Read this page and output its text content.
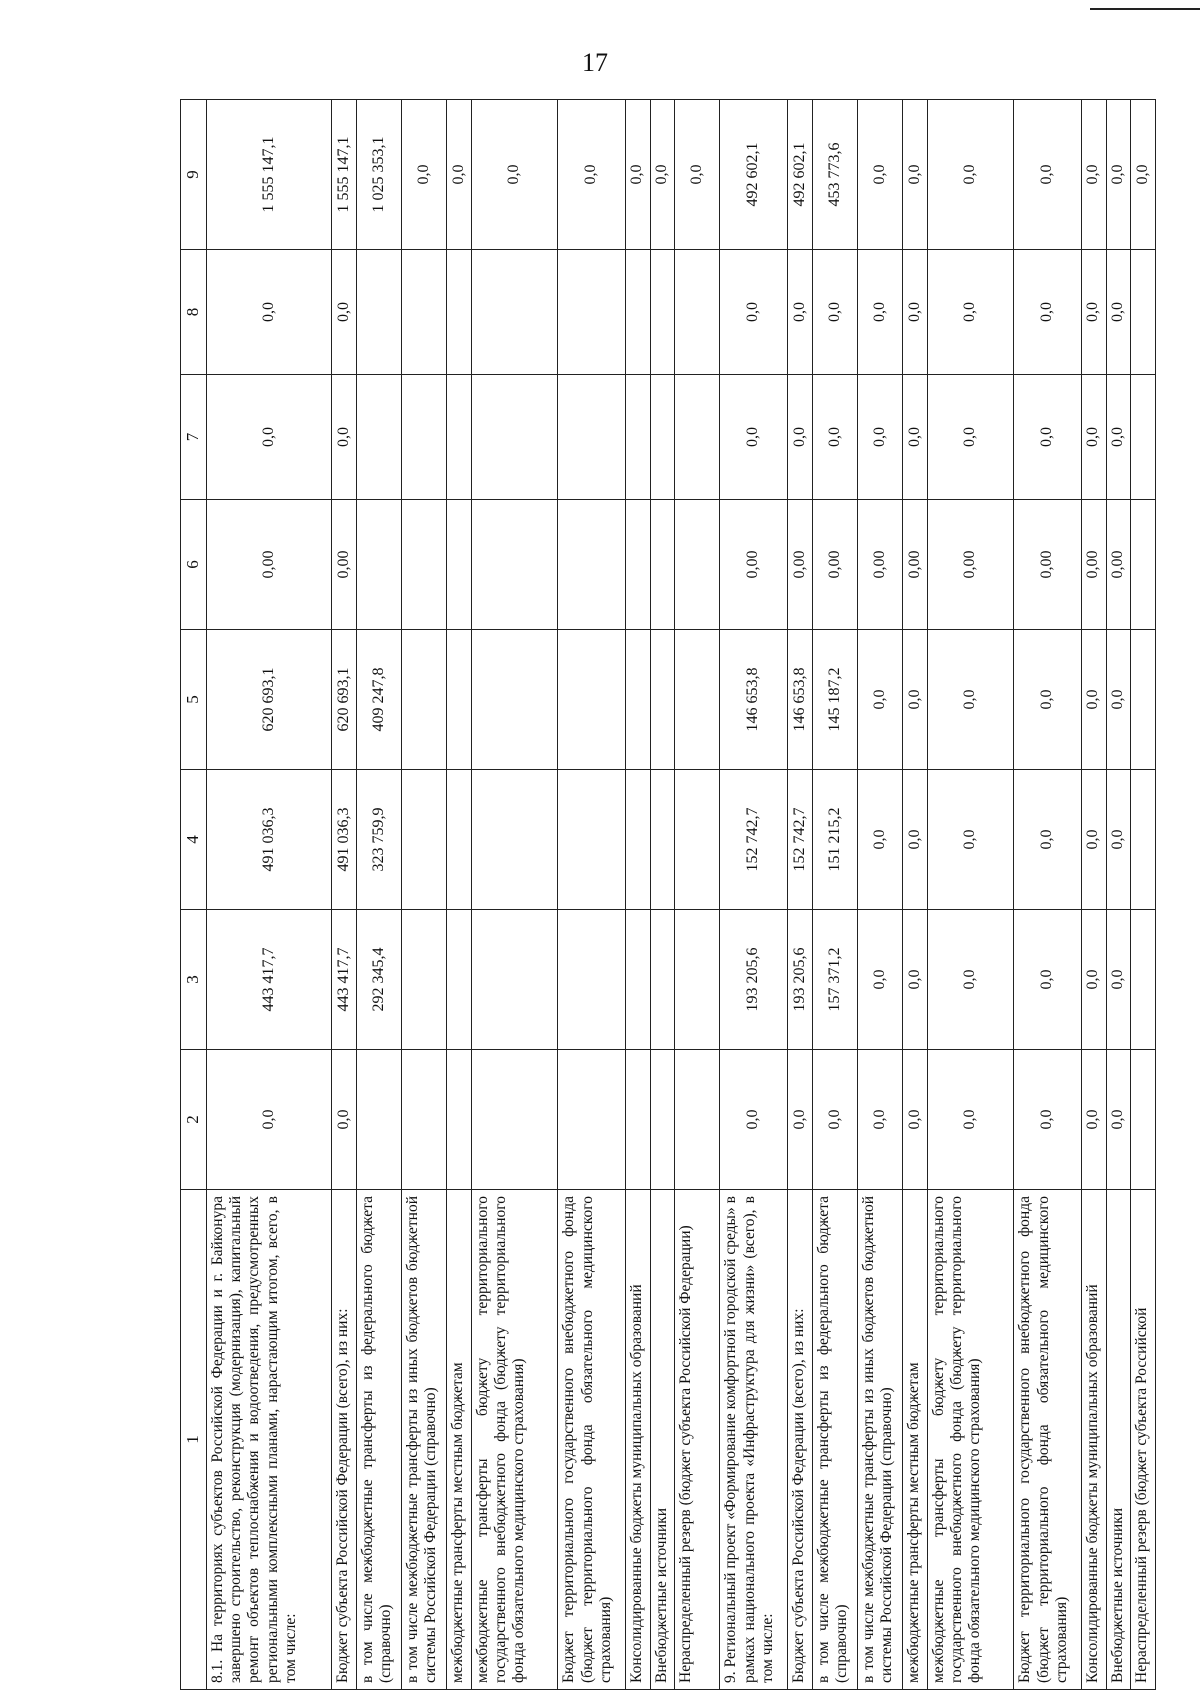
17
1	2	3	4	5	6	7	8	9
8.1. На территориях субъектов Российской Федерации и г. Байконура завершено строительство, реконструкция (модернизация), капитальный ремонт объектов теплоснабжения и водоотведения, предусмотренных региональными комплексными планами, нарастающим итогом, всего, в том числе:	0,0	443 417,7	491 036,3	620 693,1	0,00	0,0	0,0	1 555 147,1
Бюджет субъекта Российской Федерации (всего), из них:	0,0	443 417,7	491 036,3	620 693,1	0,00	0,0	0,0	1 555 147,1
в том числе межбюджетные трансферты из федерального бюджета (справочно)		292 345,4	323 759,9	409 247,8				1 025 353,1
в том числе межбюджетные трансферты из иных бюджетов бюджетной системы Российской Федерации (справочно)								0,0
межбюджетные трансферты местным бюджетам								0,0
межбюджетные трансферты бюджету территориального государственного внебюджетного фонда (бюджету территориального фонда обязательного медицинского страхования)								0,0
Бюджет территориального государственного внебюджетного фонда (бюджет территориального фонда обязательного медицинского страхования)								0,0
Консолидированные бюджеты муниципальных образований								0,0
Внебюджетные источники								0,0
Нераспределенный резерв (бюджет субъекта Российской Федерации)								0,0
9. Региональный проект «Формирование комфортной городской среды» в рамках национального проекта «Инфраструктура для жизни» (всего), в том числе:	0,0	193 205,6	152 742,7	146 653,8	0,00	0,0	0,0	492 602,1
Бюджет субъекта Российской Федерации (всего), из них:	0,0	193 205,6	152 742,7	146 653,8	0,00	0,0	0,0	492 602,1
в том числе межбюджетные трансферты из федерального бюджета (справочно)	0,0	157 371,2	151 215,2	145 187,2	0,00	0,0	0,0	453 773,6
в том числе межбюджетные трансферты из иных бюджетов бюджетной системы Российской Федерации (справочно)	0,0	0,0	0,0	0,0	0,00	0,0	0,0	0,0
межбюджетные трансферты местным бюджетам	0,0	0,0	0,0	0,0	0,00	0,0	0,0	0,0
межбюджетные трансферты бюджету территориального государственного внебюджетного фонда (бюджету территориального фонда обязательного медицинского страхования)	0,0	0,0	0,0	0,0	0,00	0,0	0,0	0,0
Бюджет территориального государственного внебюджетного фонда (бюджет территориального фонда обязательного медицинского страхования)	0,0	0,0	0,0	0,0	0,00	0,0	0,0	0,0
Консолидированные бюджеты муниципальных образований	0,0	0,0	0,0	0,0	0,00	0,0	0,0	0,0
Внебюджетные источники	0,0	0,0	0,0	0,0	0,00	0,0	0,0	0,0
Нераспределенный резерв (бюджет субъекта Российской								0,0
